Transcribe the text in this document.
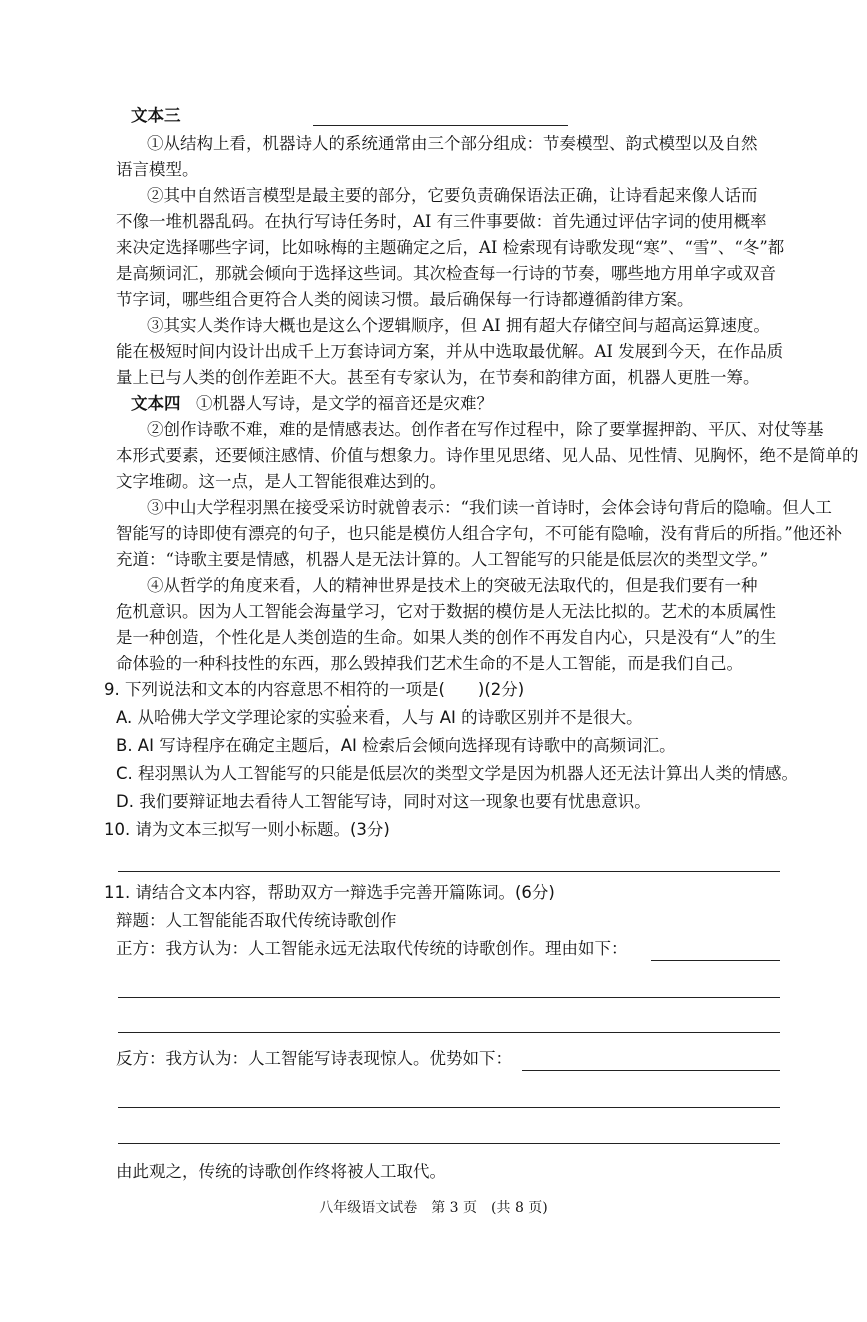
文本三
①从结构上看，机器诗人的系统通常由三个部分组成：节奏模型、韵式模型以及自然
语言模型。
②其中自然语言模型是最主要的部分，它要负责确保语法正确，让诗看起来像人话而
不像一堆机器乱码。在执行写诗任务时，AI 有三件事要做：首先通过评估字词的使用概率
来决定选择哪些字词，比如咏梅的主题确定之后，AI 检索现有诗歌发现“寒”、“雪”、“冬”都
是高频词汇，那就会倾向于选择这些词。其次检查每一行诗的节奏，哪些地方用单字或双音
节字词，哪些组合更符合人类的阅读习惯。最后确保每一行诗都遵循韵律方案。
③其实人类作诗大概也是这么个逻辑顺序，但 AI 拥有超大存储空间与超高运算速度。
能在极短时间内设计出成千上万套诗词方案，并从中选取最优解。AI 发展到今天，在作品质
量上已与人类的创作差距不大。甚至有专家认为，在节奏和韵律方面，机器人更胜一筹。
文本四 ①机器人写诗，是文学的福音还是灾难？
②创作诗歌不难，难的是情感表达。创作者在写作过程中，除了要掌握押韵、平仄、对仗等基
本形式要素，还要倾注感情、价值与想象力。诗作里见思绪、见人品、见性情、见胸怀，绝不是简单的
文字堆砌。这一点，是人工智能很难达到的。
③中山大学程羽黑在接受采访时就曾表示：“我们读一首诗时，会体会诗句背后的隐喻。但人工
智能写的诗即使有漂亮的句子，也只能是模仿人组合字句，不可能有隐喻，没有背后的所指。”他还补
充道：“诗歌主要是情感，机器人是无法计算的。人工智能写的只能是低层次的类型文学。”
④从哲学的角度来看，人的精神世界是技术上的突破无法取代的，但是我们要有一种
危机意识。因为人工智能会海量学习，它对于数据的模仿是人无法比拟的。艺术的本质属性
是一种创造，个性化是人类创造的生命。如果人类的创作不再发自内心，只是没有“人”的生
命体验的一种科技性的东西，那么毁掉我们艺术生命的不是人工智能，而是我们自己。
9. 下列说法和文本的内容意思不相符的一项是(　　)(2分)
A. 从哈佛大学文学理论家的实验来看，人与 AI 的诗歌区别并不是很大。
B. AI 写诗程序在确定主题后，AI 检索后会倾向选择现有诗歌中的高频词汇。
C. 程羽黑认为人工智能写的只能是低层次的类型文学是因为机器人还无法计算出人类的情感。
D. 我们要辩证地去看待人工智能写诗，同时对这一现象也要有忧患意识。
10. 请为文本三拟写一则小标题。(3分)
11. 请结合文本内容，帮助双方一辩选手完善开篇陈词。(6分)
辩题：人工智能能否取代传统诗歌创作
正方：我方认为：人工智能永远无法取代传统的诗歌创作。理由如下：
反方：我方认为：人工智能写诗表现惊人。优势如下：
由此观之，传统的诗歌创作终将被人工取代。
八年级语文试卷　第 3 页　(共 8 页)
